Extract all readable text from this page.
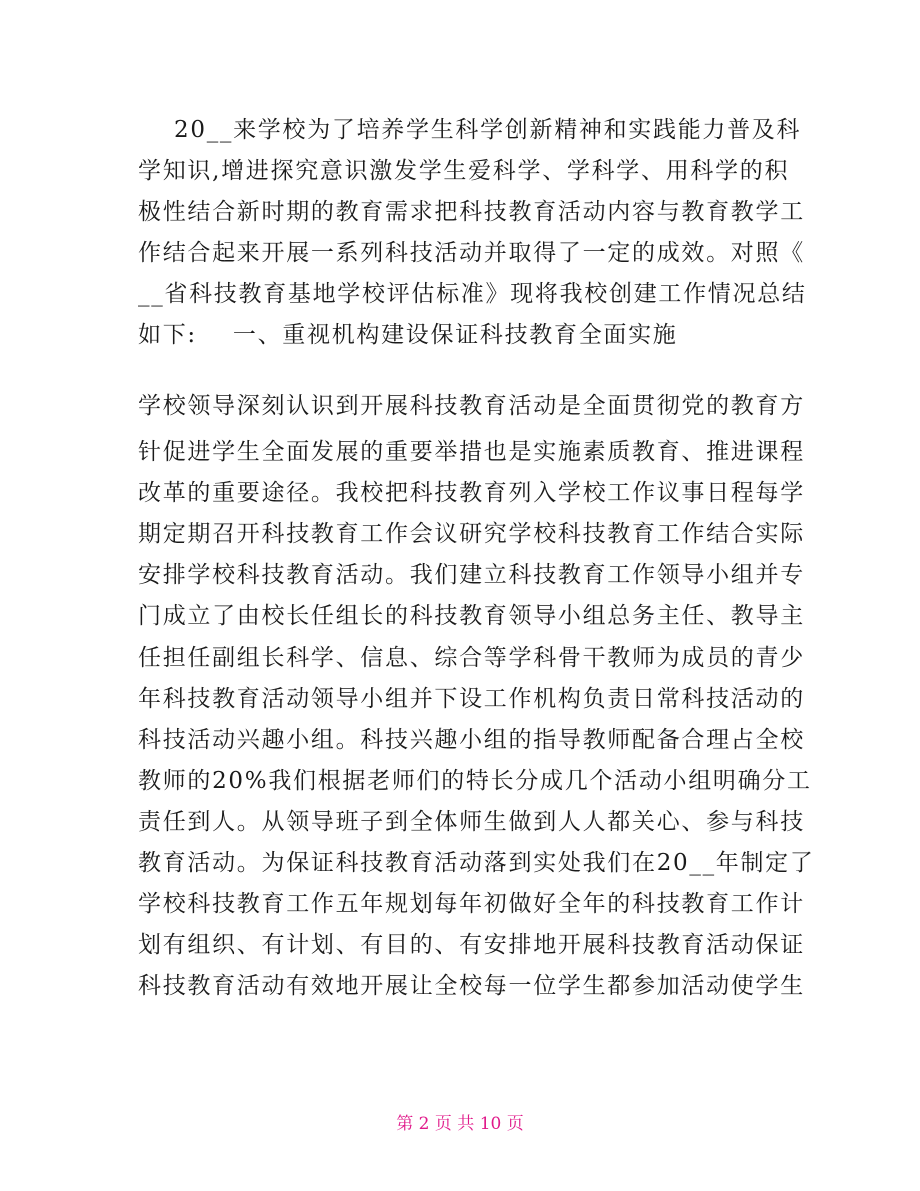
20__来学校为了培养学生科学创新精神和实践能力普及科
学知识,增进探究意识激发学生爱科学、学科学、用科学的积
极性结合新时期的教育需求把科技教育活动内容与教育教学工
作结合起来开展一系列科技活动并取得了一定的成效。对照《
__省科技教育基地学校评估标准》现将我校创建工作情况总结
如下:    一、重视机构建设保证科技教育全面实施
学校领导深刻认识到开展科技教育活动是全面贯彻党的教育方
针促进学生全面发展的重要举措也是实施素质教育、推进课程
改革的重要途径。我校把科技教育列入学校工作议事日程每学
期定期召开科技教育工作会议研究学校科技教育工作结合实际
安排学校科技教育活动。我们建立科技教育工作领导小组并专
门成立了由校长任组长的科技教育领导小组总务主任、教导主
任担任副组长科学、信息、综合等学科骨干教师为成员的青少
年科技教育活动领导小组并下设工作机构负责日常科技活动的
科技活动兴趣小组。科技兴趣小组的指导教师配备合理占全校
教师的20%我们根据老师们的特长分成几个活动小组明确分工
责任到人。从领导班子到全体师生做到人人都关心、参与科技
教育活动。为保证科技教育活动落到实处我们在20__年制定了
学校科技教育工作五年规划每年初做好全年的科技教育工作计
划有组织、有计划、有目的、有安排地开展科技教育活动保证
科技教育活动有效地开展让全校每一位学生都参加活动使学生
第 2 页 共 10 页
